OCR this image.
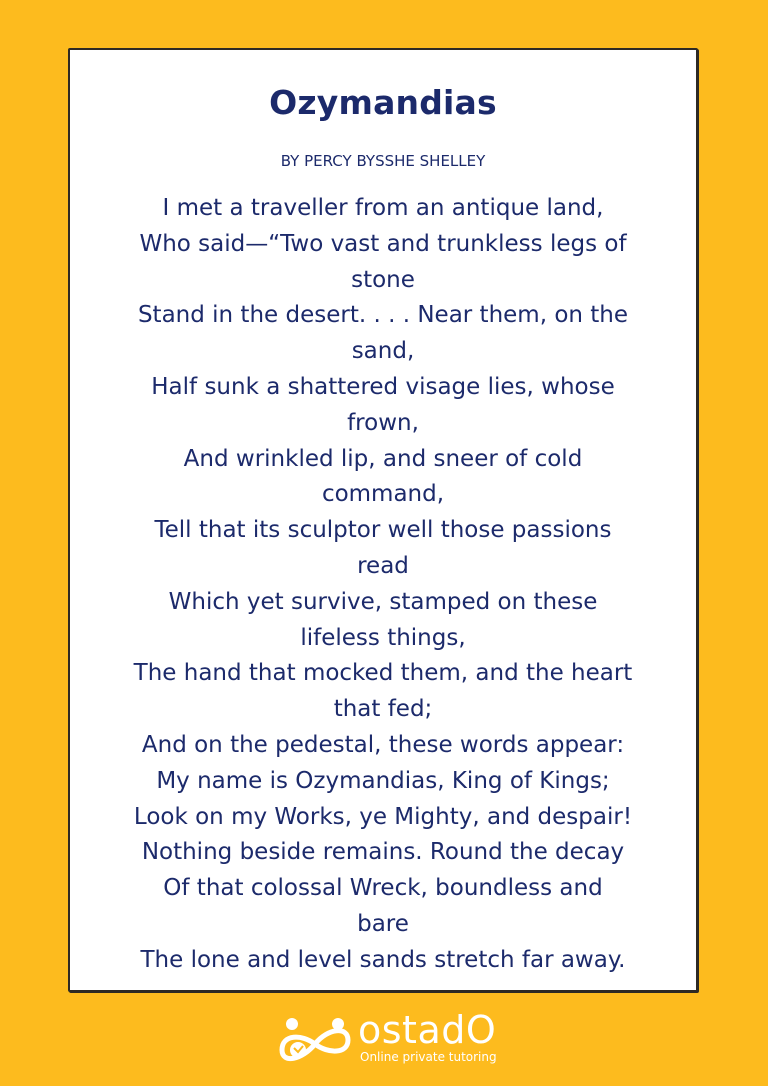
Ozymandias

BY PERCY BYSSHE SHELLEY

I met a traveller from an antique land,
Who said—“Two vast and trunkless legs of
stone
Stand in the desert. . . . Near them, on the
sand,
Half sunk a shattered visage lies, whose
frown,
And wrinkled lip, and sneer of cold
command,
Tell that its sculptor well those passions
read
Which yet survive, stamped on these
lifeless things,
The hand that mocked them, and the heart
that fed;
And on the pedestal, these words appear:
My name is Ozymandias, King of Kings;
Look on my Works, ye Mighty, and despair!
Nothing beside remains. Round the decay
Of that colossal Wreck, boundless and
bare
The lone and level sands stretch far away.
ostadO
Online private tutoring
